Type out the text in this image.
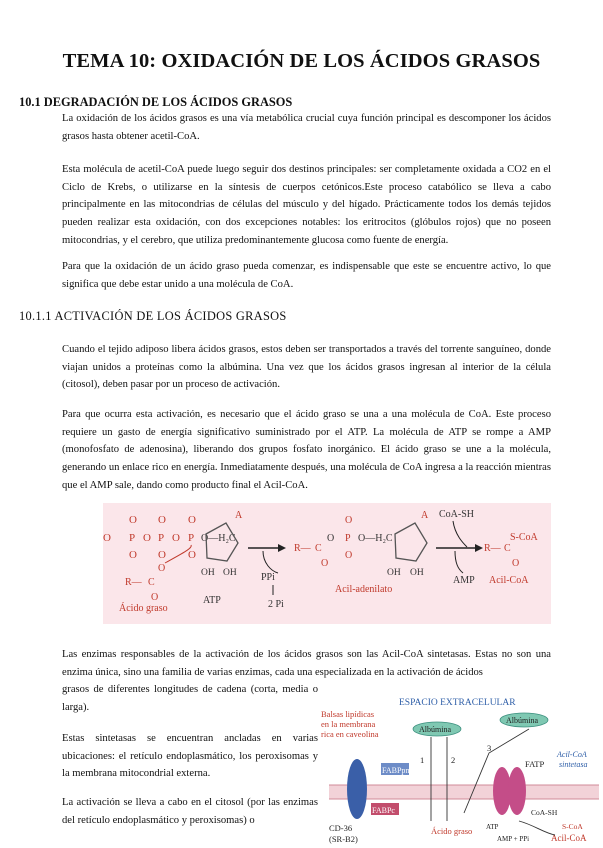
TEMA 10: OXIDACIÓN DE LOS ÁCIDOS GRASOS
10.1 DEGRADACIÓN DE LOS ÁCIDOS GRASOS

La oxidación de los ácidos grasos es una vía metabólica crucial cuya función principal es descomponer los ácidos grasos hasta obtener acetil-CoA.

Esta molécula de acetil-CoA puede luego seguir dos destinos principales: ser completamente oxidada a CO2 en el Ciclo de Krebs, o utilizarse en la síntesis de cuerpos cetónicos.Este proceso catabólico se lleva a cabo principalmente en las mitocondrias de células del músculo y del hígado. Prácticamente todos los demás tejidos pueden realizar esta oxidación, con dos excepciones notables: los eritrocitos (glóbulos rojos) que no poseen mitocondrias, y el cerebro, que utiliza predominantemente glucosa como fuente de energía.

Para que la oxidación de un ácido graso pueda comenzar, es indispensable que este se encuentre activo, lo que significa que debe estar unido a una molécula de CoA.

10.1.1 ACTIVACIÓN DE LOS ÁCIDOS GRASOS

Cuando el tejido adiposo libera ácidos grasos, estos deben ser transportados a través del torrente sanguíneo, donde viajan unidos a proteínas como la albúmina. Una vez que los ácidos grasos ingresan al interior de la célula (citosol), deben pasar por un proceso de activación.

Para que ocurra esta activación, es necesario que el ácido graso se una a una molécula de CoA. Este proceso requiere un gasto de energía significativo suministrado por el ATP. La molécula de ATP se rompe a AMP (monofosfato de adenosina), liberando dos grupos fosfato inorgánico. El ácido graso se une a la molécula, generando un enlace rico en energía. Inmediatamente después, una molécula de CoA ingresa a la reacción mientras que el AMP sale, dando como producto final el Acil-CoA.

O P P P
O O O
O O O
O O O—H₂C
A
OH OH
R— C
O
O
Ácido graso
ATP
PPi
2 Pi
R— C
O
O P
O
O
O—H₂C
A
OH OH
Acil-adenilato
CoA-SH
AMP
R— C
O
S-CoA
Acil-CoA

Las enzimas responsables de la activación de los ácidos grasos son las Acil-CoA sintetasas. Estas no son una enzima única, sino una familia de varias enzimas, cada una especializada en la activación de ácidos

grasos de diferentes longitudes de cadena (corta, media o larga).

Estas sintetasas se encuentran ancladas en varias ubicaciones: el retículo endoplasmático, los peroxisomas y la membrana mitocondrial externa.

La activación se lleva a cabo en el citosol (por las enzimas del retículo endoplasmático y peroxisomas) o

ESPACIO EXTRACELULAR
Balsas lipídicas
en la membrana
rica en caveolina	Albúmina
Albúmina
CD-36
(SR-B2)
FABPpm
FABPc
1	2
3
FATP
Acil-CoA
sintetasa
Ácido graso ATP
AMP + PPi
CoA-SH
S-CoA
Acil-CoA
